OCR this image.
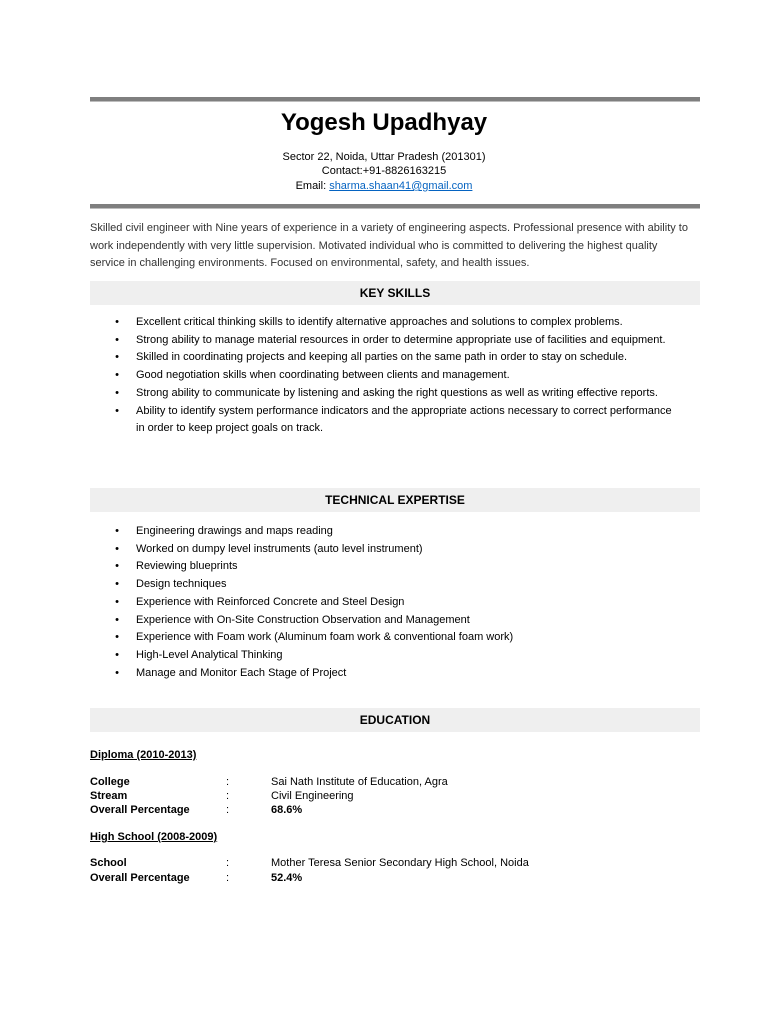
Yogesh Upadhyay
Sector 22, Noida, Uttar Pradesh (201301)
Contact:+91-8826163215
Email: sharma.shaan41@gmail.com
Skilled civil engineer with Nine years of experience in a variety of engineering aspects. Professional presence with ability to work independently with very little supervision. Motivated individual who is committed to delivering the highest quality service in challenging environments. Focused on environmental, safety, and health issues.
KEY SKILLS
• Excellent critical thinking skills to identify alternative approaches and solutions to complex problems.
• Strong ability to manage material resources in order to determine appropriate use of facilities and equipment.
• Skilled in coordinating projects and keeping all parties on the same path in order to stay on schedule.
• Good negotiation skills when coordinating between clients and management.
• Strong ability to communicate by listening and asking the right questions as well as writing effective reports.
• Ability to identify system performance indicators and the appropriate actions necessary to correct performance in order to keep project goals on track.
TECHNICAL EXPERTISE
• Engineering drawings and maps reading
• Worked on dumpy level instruments (auto level instrument)
• Reviewing blueprints
• Design techniques
• Experience with Reinforced Concrete and Steel Design
• Experience with On-Site Construction Observation and Management
• Experience with Foam work (Aluminum foam work & conventional foam work)
• High-Level Analytical Thinking
• Manage and Monitor Each Stage of Project
EDUCATION
Diploma (2010-2013)
College	:	Sai Nath Institute of Education, Agra
Stream	:	Civil Engineering
Overall Percentage	:	68.6%
High School (2008-2009)
School	:	Mother Teresa Senior Secondary High School, Noida
Overall Percentage	:	52.4%
